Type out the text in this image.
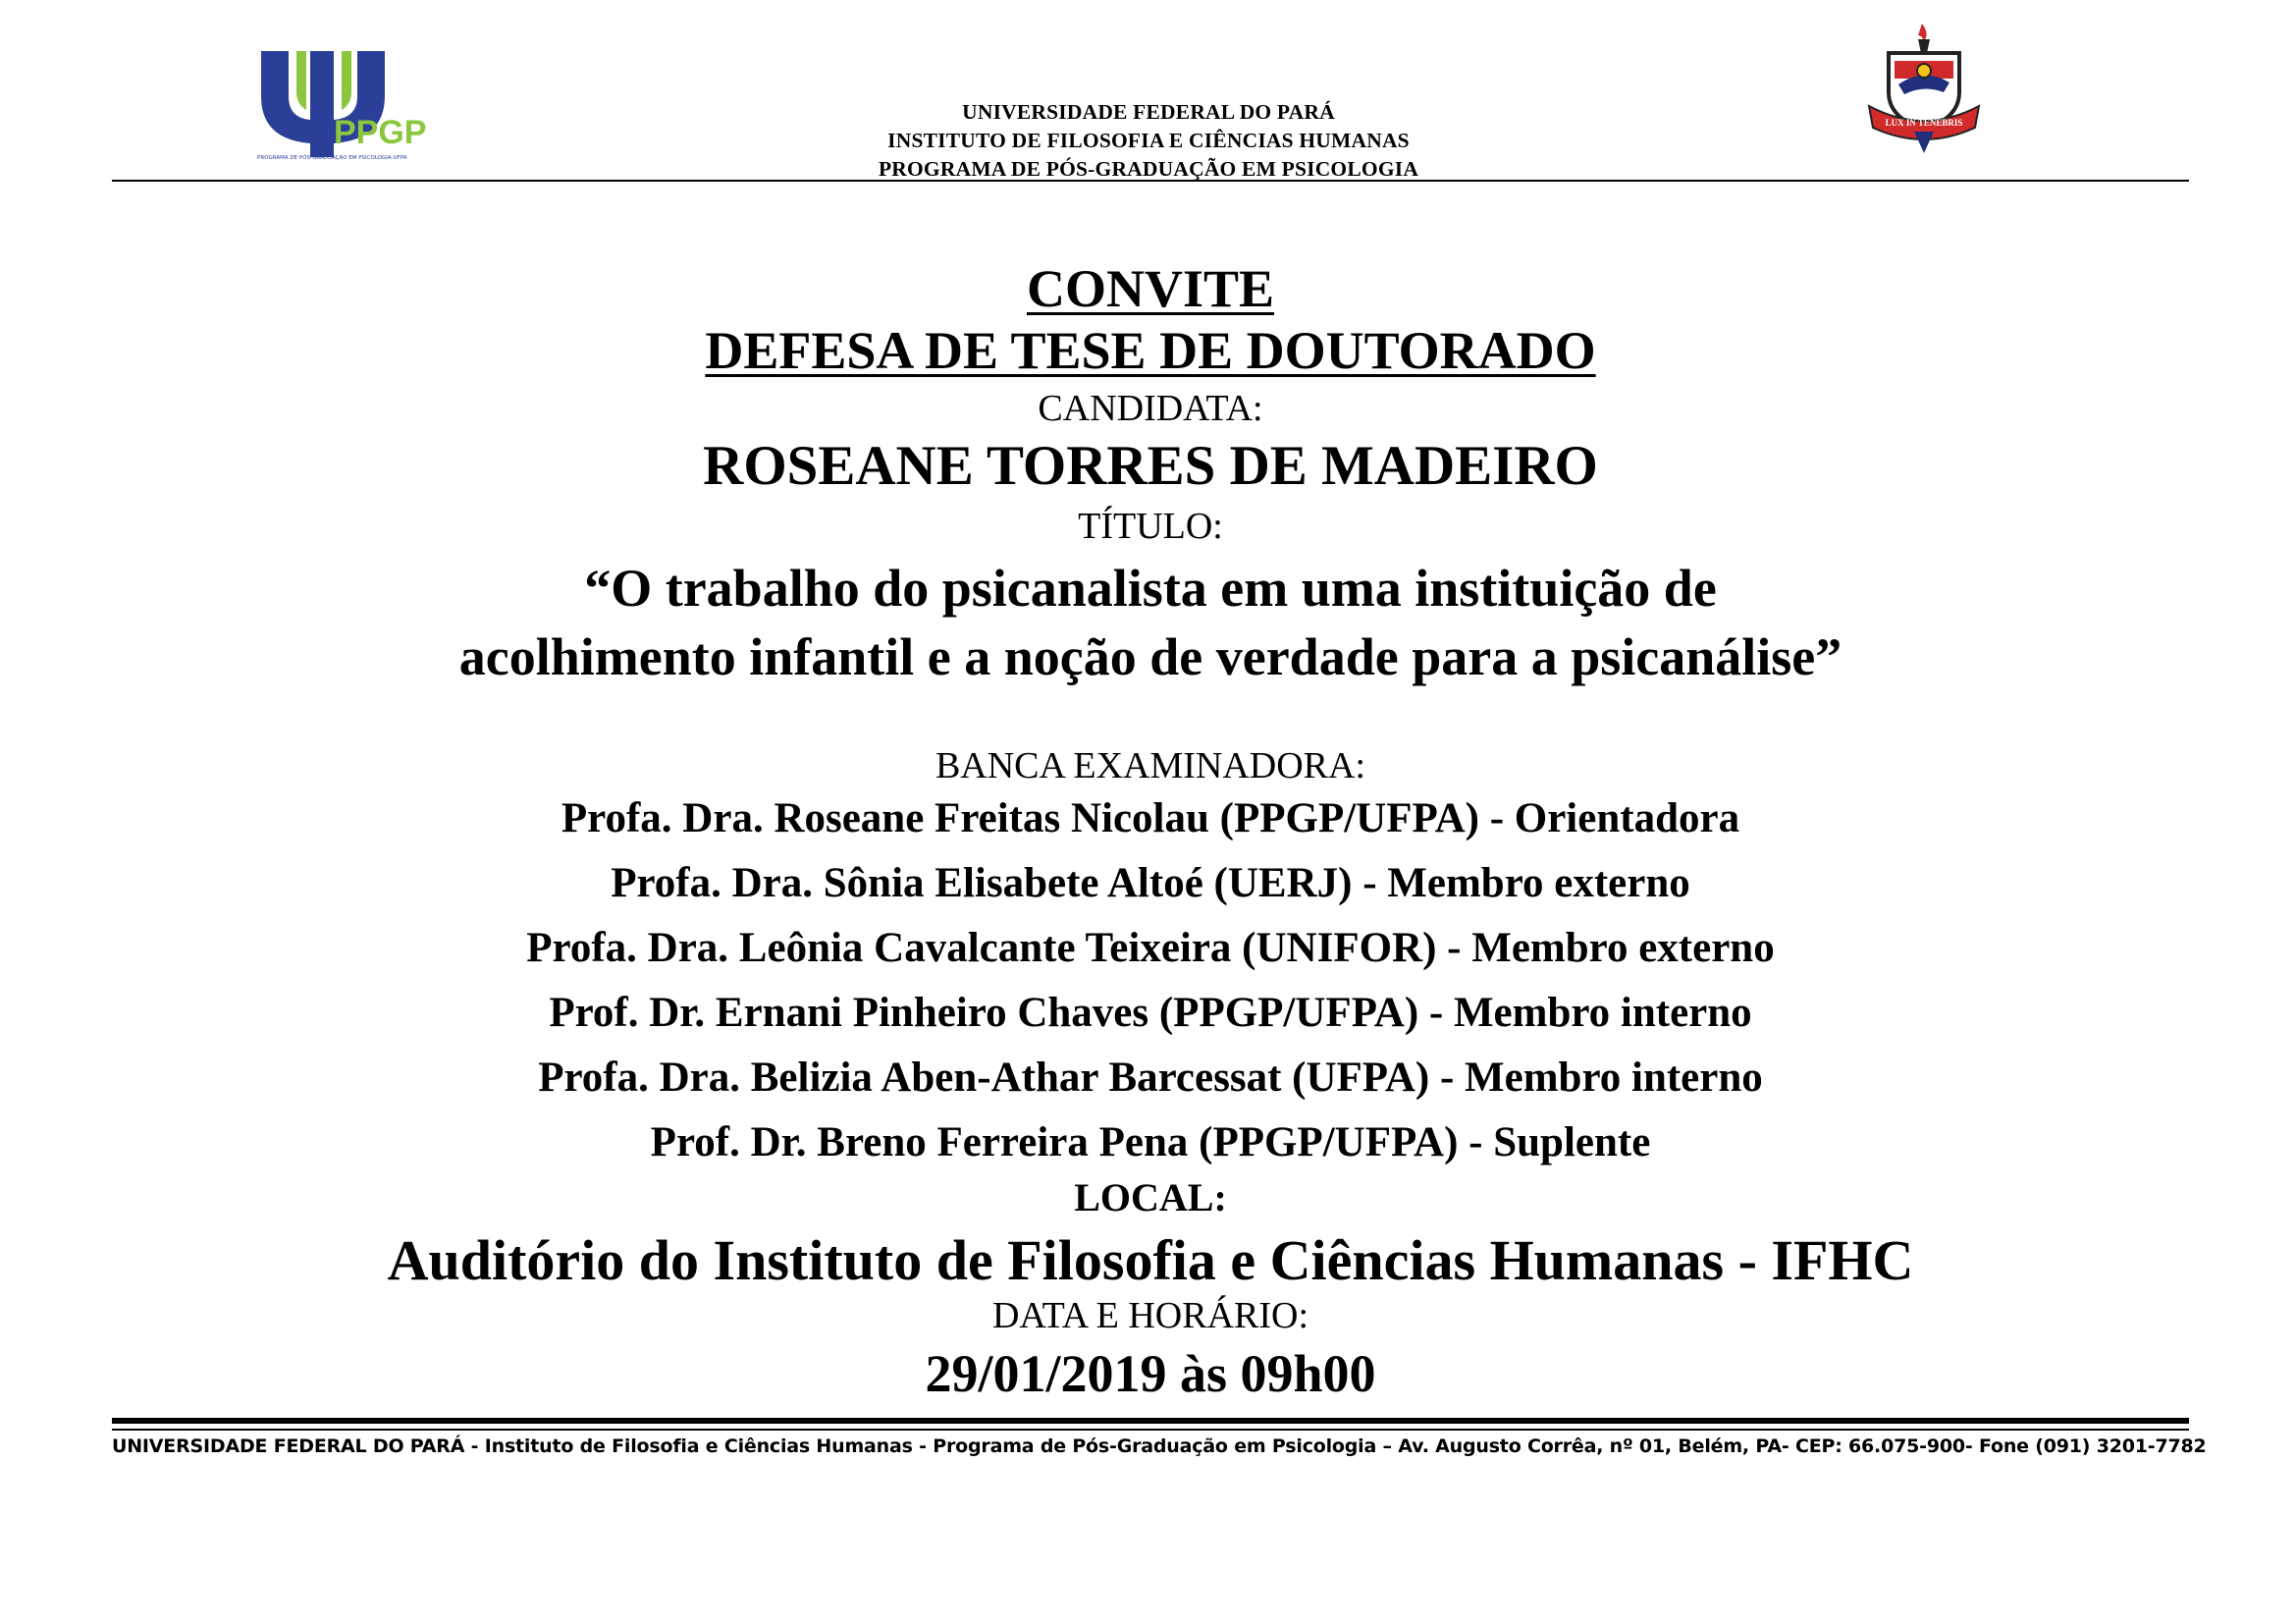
PPGP
PROGRAMA DE PÓS-GRADUAÇÃO EM PSICOLOGIA-UFPA
LUX IN TENEBRIS
UNIVERSIDADE FEDERAL DO PARÁ
INSTITUTO DE FILOSOFIA E CIÊNCIAS HUMANAS
PROGRAMA DE PÓS-GRADUAÇÃO EM PSICOLOGIA
CONVITE
DEFESA DE TESE DE DOUTORADO
CANDIDATA:
ROSEANE TORRES DE MADEIRO
TÍTULO:
“O trabalho do psicanalista em uma instituição de
acolhimento infantil e a noção de verdade para a psicanálise”
BANCA EXAMINADORA:
Profa. Dra. Roseane Freitas Nicolau (PPGP/UFPA) - Orientadora
Profa. Dra. Sônia Elisabete Altoé (UERJ) - Membro externo
Profa. Dra. Leônia Cavalcante Teixeira (UNIFOR) - Membro externo
Prof. Dr. Ernani Pinheiro Chaves (PPGP/UFPA) - Membro interno
Profa. Dra. Belizia Aben-Athar Barcessat (UFPA) - Membro interno
Prof. Dr. Breno Ferreira Pena (PPGP/UFPA) - Suplente
LOCAL:
Auditório do Instituto de Filosofia e Ciências Humanas - IFHC
DATA E HORÁRIO:
29/01/2019 às 09h00
UNIVERSIDADE FEDERAL DO PARÁ - Instituto de Filosofia e Ciências Humanas - Programa de Pós-Graduação em Psicologia – Av. Augusto Corrêa, nº 01, Belém, PA- CEP: 66.075-900- Fone (091) 3201-7782
